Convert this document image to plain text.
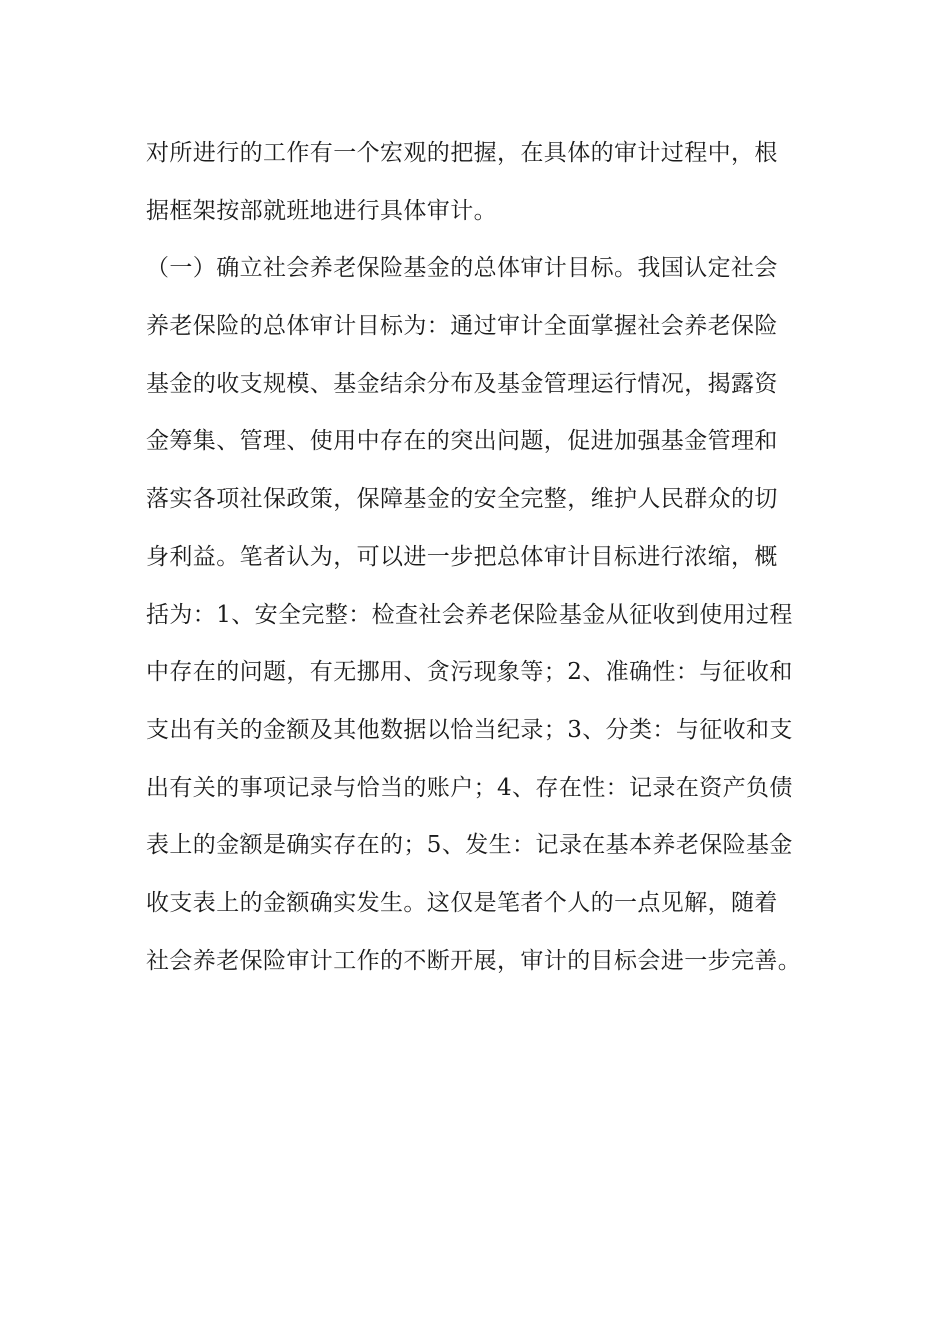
对所进行的工作有一个宏观的把握，在具体的审计过程中，根
据框架按部就班地进行具体审计。
（一）确立社会养老保险基金的总体审计目标。我国认定社会
养老保险的总体审计目标为：通过审计全面掌握社会养老保险
基金的收支规模、基金结余分布及基金管理运行情况，揭露资
金筹集、管理、使用中存在的突出问题，促进加强基金管理和
落实各项社保政策，保障基金的安全完整，维护人民群众的切
身利益。笔者认为，可以进一步把总体审计目标进行浓缩，概
括为：1、安全完整：检查社会养老保险基金从征收到使用过程
中存在的问题，有无挪用、贪污现象等；2、准确性：与征收和
支出有关的金额及其他数据以恰当纪录；3、分类：与征收和支
出有关的事项记录与恰当的账户；4、存在性：记录在资产负债
表上的金额是确实存在的；5、发生：记录在基本养老保险基金
收支表上的金额确实发生。这仅是笔者个人的一点见解，随着
社会养老保险审计工作的不断开展，审计的目标会进一步完善。
